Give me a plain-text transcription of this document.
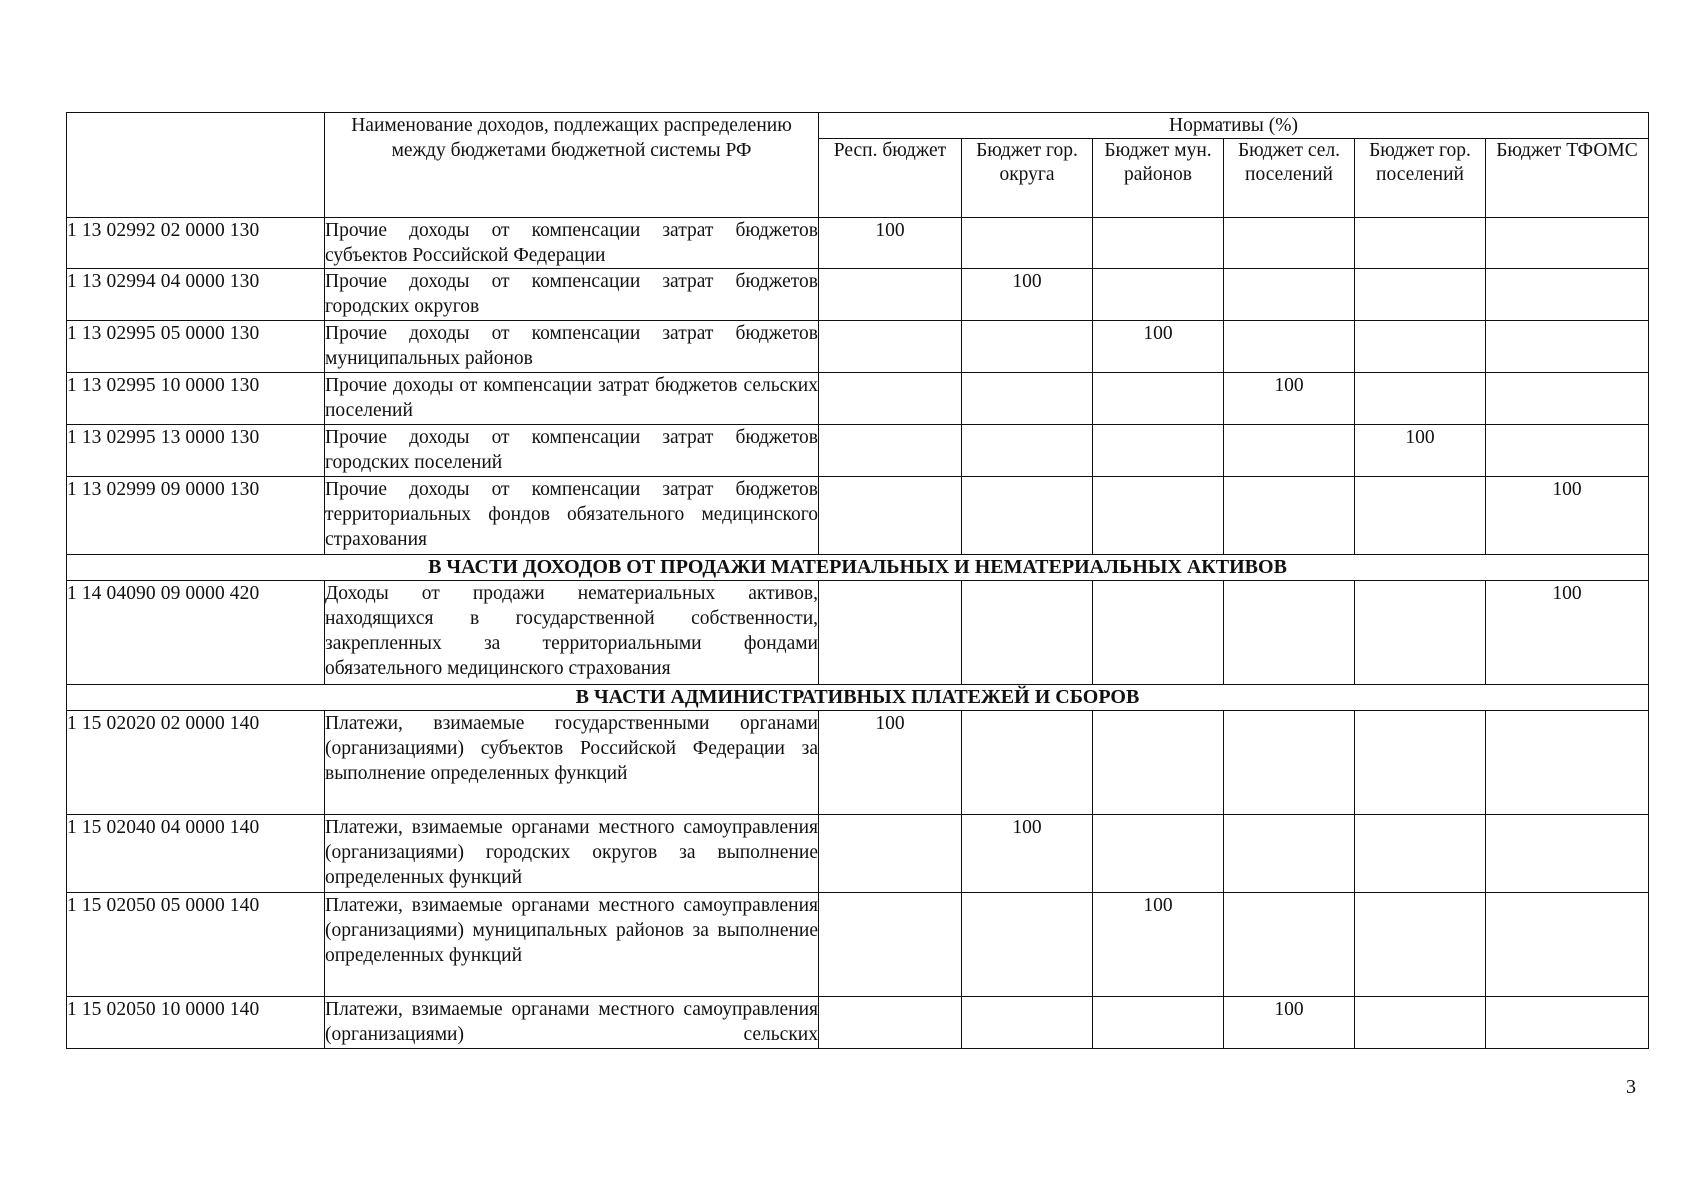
	Наименование доходов, подлежащих распределению между бюджетами бюджетной системы РФ	Нормативы (%)					
		Респ. бюджет	Бюджет гор. округа	Бюджет мун. районов	Бюджет сел. поселений	Бюджет гор. поселений	Бюджет ТФОМС
1 13 02992 02 0000 130	Прочие доходы от компенсации затрат бюджетов субъектов Российской Федерации	100					
1 13 02994 04 0000 130	Прочие доходы от компенсации затрат бюджетов городских округов		100				
1 13 02995 05 0000 130	Прочие доходы от компенсации затрат бюджетов муниципальных районов			100			
1 13 02995 10 0000 130	Прочие доходы от компенсации затрат бюджетов сельских поселений				100		
1 13 02995 13 0000 130	Прочие доходы от компенсации затрат бюджетов городских поселений					100	
1 13 02999 09 0000 130	Прочие доходы от компенсации затрат бюджетов территориальных фондов обязательного медицинского страхования						100
В ЧАСТИ ДОХОДОВ ОТ ПРОДАЖИ МАТЕРИАЛЬНЫХ И НЕМАТЕРИАЛЬНЫХ АКТИВОВ							
1 14 04090 09 0000 420	Доходы от продажи нематериальных активов, находящихся в государственной собственности, закрепленных за территориальными фондами обязательного медицинского страхования						100
В ЧАСТИ АДМИНИСТРАТИВНЫХ ПЛАТЕЖЕЙ И СБОРОВ							
1 15 02020 02 0000 140	Платежи, взимаемые государственными органами (организациями) субъектов Российской Федерации за выполнение определенных функций	100					
1 15 02040 04 0000 140	Платежи, взимаемые органами местного самоуправления (организациями) городских округов за выполнение определенных функций		100				
1 15 02050 05 0000 140	Платежи, взимаемые органами местного самоуправления (организациями) муниципальных районов за выполнение определенных функций			100			
1 15 02050 10 0000 140	Платежи, взимаемые органами местного самоуправления (организациями) сельских				100		
3
